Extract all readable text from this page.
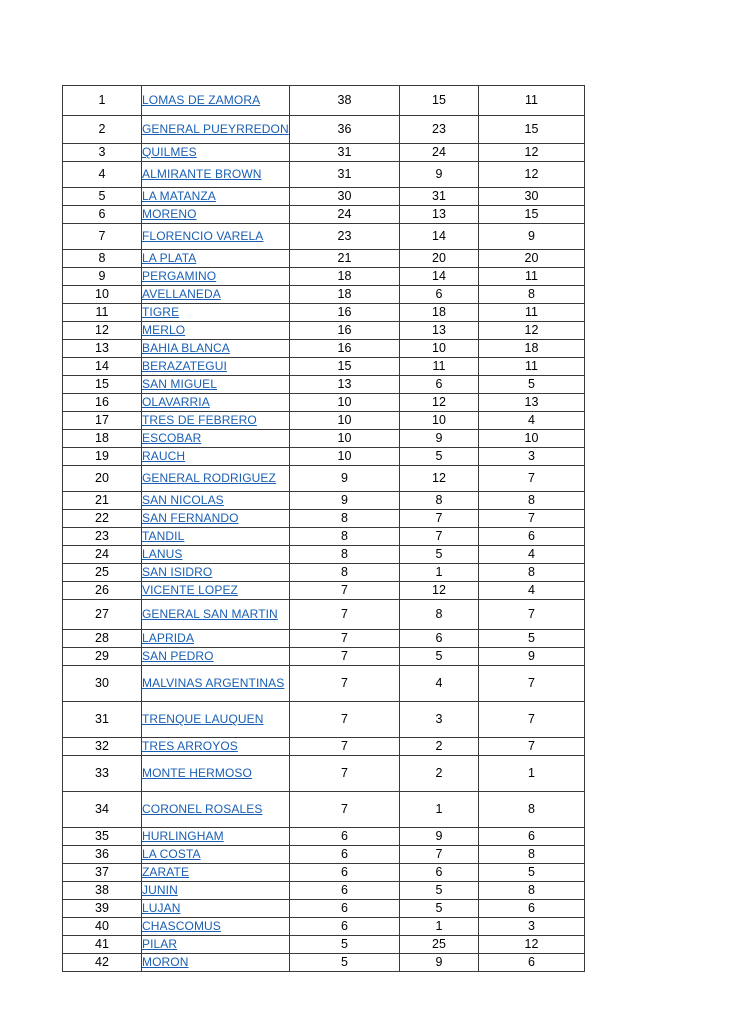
1	LOMAS DE ZAMORA	38	15	11
2	GENERAL PUEYRREDON	36	23	15
3	QUILMES	31	24	12
4	ALMIRANTE BROWN	31	9	12
5	LA MATANZA	30	31	30
6	MORENO	24	13	15
7	FLORENCIO VARELA	23	14	9
8	LA PLATA	21	20	20
9	PERGAMINO	18	14	11
10	AVELLANEDA	18	6	8
11	TIGRE	16	18	11
12	MERLO	16	13	12
13	BAHIA BLANCA	16	10	18
14	BERAZATEGUI	15	11	11
15	SAN MIGUEL	13	6	5
16	OLAVARRIA	10	12	13
17	TRES DE FEBRERO	10	10	4
18	ESCOBAR	10	9	10
19	RAUCH	10	5	3
20	GENERAL RODRIGUEZ	9	12	7
21	SAN NICOLAS	9	8	8
22	SAN FERNANDO	8	7	7
23	TANDIL	8	7	6
24	LANUS	8	5	4
25	SAN ISIDRO	8	1	8
26	VICENTE LOPEZ	7	12	4
27	GENERAL SAN MARTIN	7	8	7
28	LAPRIDA	7	6	5
29	SAN PEDRO	7	5	9
30	MALVINAS ARGENTINAS	7	4	7
31	TRENQUE LAUQUEN	7	3	7
32	TRES ARROYOS	7	2	7
33	MONTE HERMOSO	7	2	1
34	CORONEL ROSALES	7	1	8
35	HURLINGHAM	6	9	6
36	LA COSTA	6	7	8
37	ZARATE	6	6	5
38	JUNIN	6	5	8
39	LUJAN	6	5	6
40	CHASCOMUS	6	1	3
41	PILAR	5	25	12
42	MORON	5	9	6
